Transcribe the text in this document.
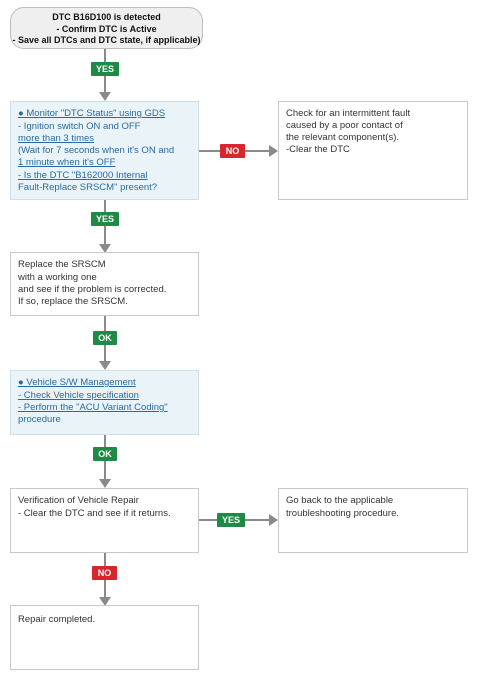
DTC B16D100 is detected
- Confirm DTC is Active
- Save all DTCs and DTC state, if applicable)
YES
● Monitor "DTC Status" using GDS
- Ignition switch ON and OFF
more than 3 times
(Wait for 7 seconds when it's ON and
1 minute when it's OFF
- Is the DTC "B162000 Internal
Fault-Replace SRSCM" present?
NO
Check for an intermittent fault
caused by a poor contact of
the relevant component(s).
-Clear the DTC
YES
Replace the SRSCM
with a working one
and see if the problem is corrected.
If so, replace the SRSCM.
OK
● Vehicle S/W Management
- Check Vehicle specification
- Perform the "ACU Variant Coding"
procedure
OK
Verification of Vehicle Repair
- Clear the DTC and see if it returns.
YES
Go back to the applicable
troubleshooting procedure.
NO
Repair completed.
